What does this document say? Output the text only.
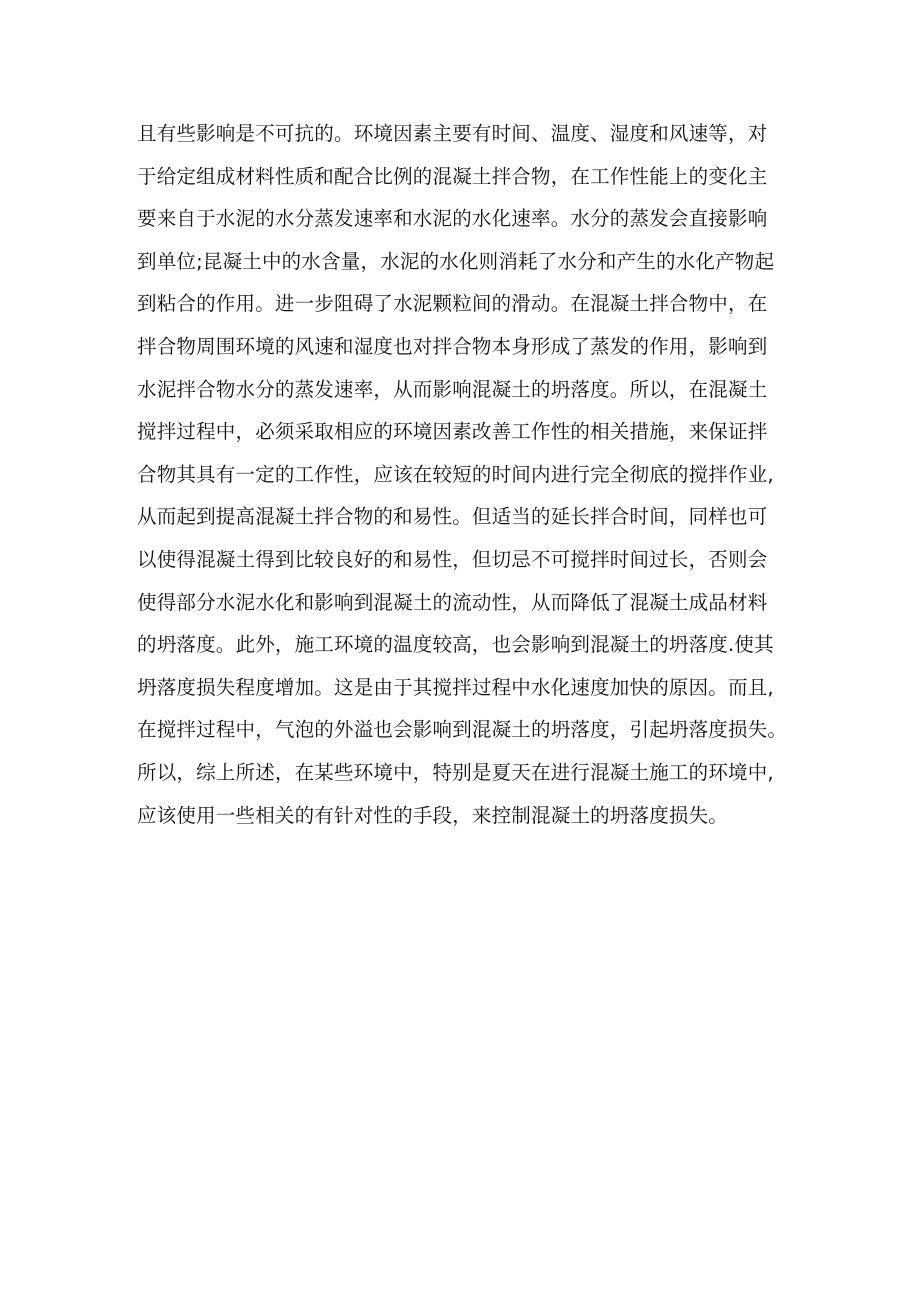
且有些影响是不可抗的。环境因素主要有时间、温度、湿度和风速等，对
于给定组成材料性质和配合比例的混凝土拌合物，在工作性能上的变化主
要来自于水泥的水分蒸发速率和水泥的水化速率。水分的蒸发会直接影响
到单位;昆凝土中的水含量，水泥的水化则消耗了水分和产生的水化产物起
到粘合的作用。进一步阻碍了水泥颗粒间的滑动。在混凝土拌合物中，在
拌合物周围环境的风速和湿度也对拌合物本身形成了蒸发的作用，影响到
水泥拌合物水分的蒸发速率，从而影响混凝土的坍落度。所以，在混凝土
搅拌过程中，必须采取相应的环境因素改善工作性的相关措施，来保证拌
合物其具有一定的工作性，应该在较短的时间内进行完全彻底的搅拌作业,
从而起到提高混凝土拌合物的和易性。但适当的延长拌合时间，同样也可
以使得混凝土得到比较良好的和易性，但切忌不可搅拌时间过长，否则会
使得部分水泥水化和影响到混凝土的流动性，从而降低了混凝土成品材料
的坍落度。此外，施工环境的温度较高，也会影响到混凝土的坍落度.使其
坍落度损失程度增加。这是由于其搅拌过程中水化速度加快的原因。而且,
在搅拌过程中，气泡的外溢也会影响到混凝土的坍落度，引起坍落度损失。
所以，综上所述，在某些环境中，特别是夏天在进行混凝土施工的环境中,
应该使用一些相关的有针对性的手段，来控制混凝土的坍落度损失。
